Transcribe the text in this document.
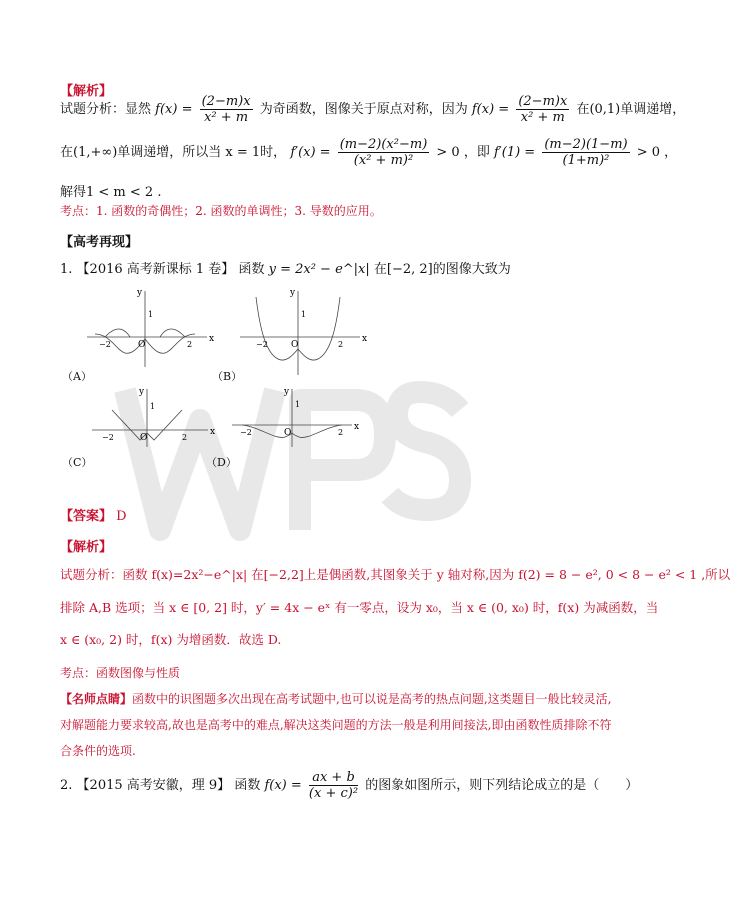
【解析】
试题分析：显然 $f(x) = \frac{(2-m)x}{\text{x² + m}}$ 为奇函数，图像关于原点对称，因为 $f(x) = \frac{(2-m)x}{\text{x² + m}}$ 在(0,1)单调递增，
在(1,+∞)单调递增，所以当 x = 1时， $f'(x) = \frac{\text{(m−2)(x²−m)}}{\text{(x² + m)²}} > 0$ ，即 $f'(1) = \frac{(m-2)(1-m)}{\text{(1+m)²}} > 0$ ，
解得1 < m < 2 .
考点：1. 函数的奇偶性；2. 函数的单调性；3. 导数的应用。
【高考再现】
1. 【2016 高考新课标 1 卷】 函数 y = 2x² − e^|x| 在[−2, 2]的图像大致为
x
y
O
−2	2
1
（A）
x
y
O
−2	2
1
（B）
x
y
O
−2	2
1
（C）
x
y
O
−2	2
1
（D）
【答案】 D
【解析】
试题分析：函数 f(x)=2x²−e^|x| 在[−2,2]上是偶函数,其图象关于 y 轴对称,因为 f(2) = 8 − e², 0 < 8 − e² < 1 ,所以
排除 A,B 选项；当 x ∈ [0, 2] 时，y′ = 4x − eˣ 有一零点，设为 x₀，当 x ∈ (0, x₀) 时，f(x) 为减函数，当
x ∈ (x₀, 2) 时，f(x) 为增函数．故选 D.
考点：函数图像与性质
【名师点睛】函数中的识图题多次出现在高考试题中,也可以说是高考的热点问题,这类题目一般比较灵活,
对解题能力要求较高,故也是高考中的难点,解决这类问题的方法一般是利用间接法,即由函数性质排除不符
合条件的选项.
2. 【2015 高考安徽，理 9】 函数 $f(x) = \frac{ax + b}{\text{(x + c)²}}$ 的图象如图所示，则下列结论成立的是（　　）
